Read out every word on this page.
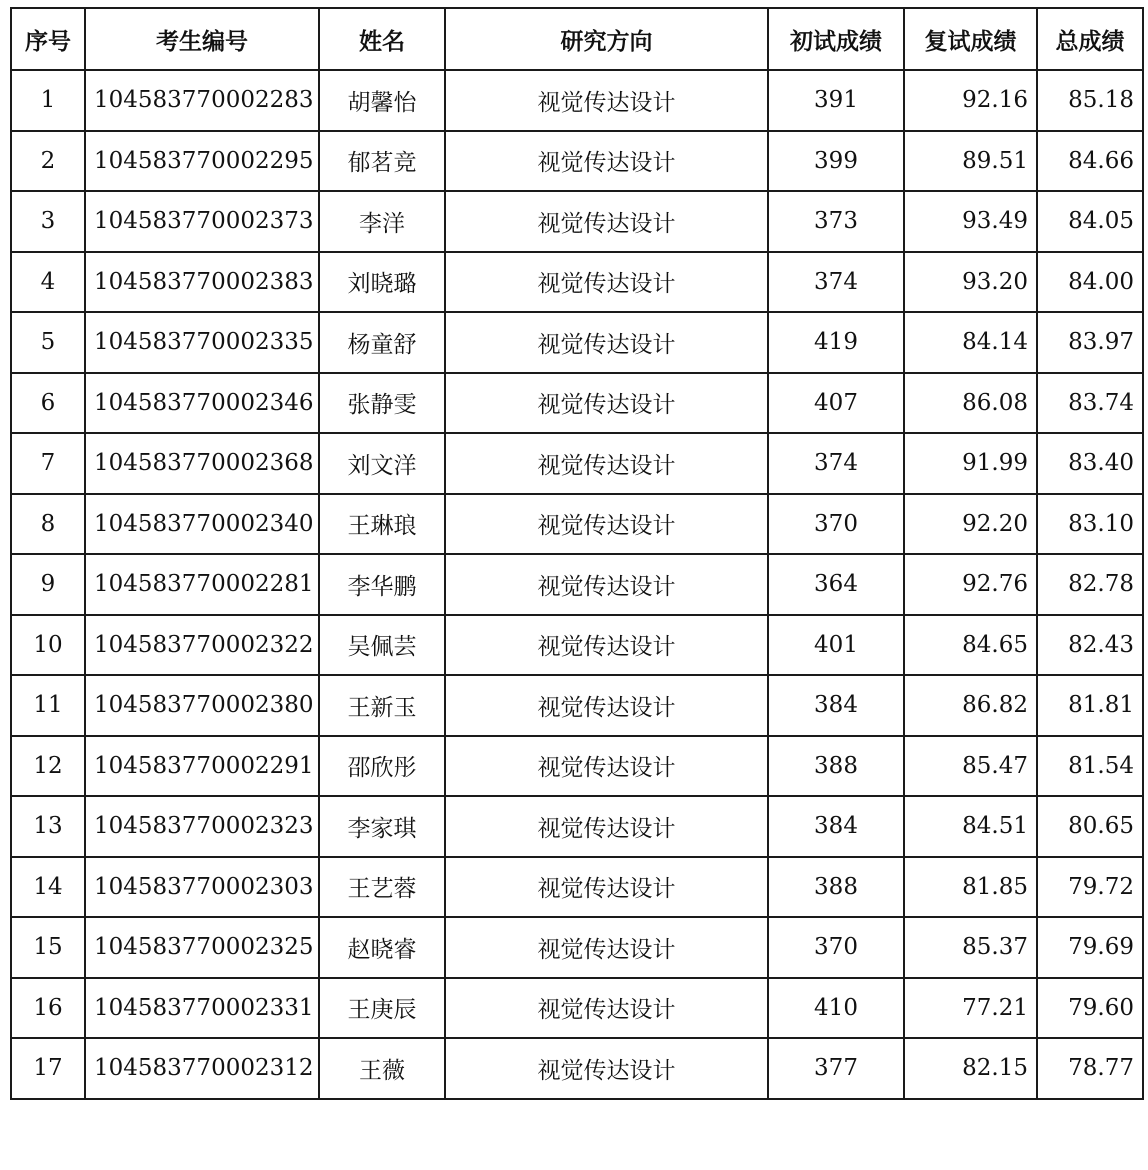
序号	考生编号	姓名	研究方向	初试成绩	复试成绩	总成绩
1	104583770002283	胡馨怡	视觉传达设计	391	92.16	85.18
2	104583770002295	郁茗竞	视觉传达设计	399	89.51	84.66
3	104583770002373	李洋	视觉传达设计	373	93.49	84.05
4	104583770002383	刘晓璐	视觉传达设计	374	93.20	84.00
5	104583770002335	杨童舒	视觉传达设计	419	84.14	83.97
6	104583770002346	张静雯	视觉传达设计	407	86.08	83.74
7	104583770002368	刘文洋	视觉传达设计	374	91.99	83.40
8	104583770002340	王琳琅	视觉传达设计	370	92.20	83.10
9	104583770002281	李华鹏	视觉传达设计	364	92.76	82.78
10	104583770002322	吴佩芸	视觉传达设计	401	84.65	82.43
11	104583770002380	王新玉	视觉传达设计	384	86.82	81.81
12	104583770002291	邵欣彤	视觉传达设计	388	85.47	81.54
13	104583770002323	李家琪	视觉传达设计	384	84.51	80.65
14	104583770002303	王艺蓉	视觉传达设计	388	81.85	79.72
15	104583770002325	赵晓睿	视觉传达设计	370	85.37	79.69
16	104583770002331	王庚辰	视觉传达设计	410	77.21	79.60
17	104583770002312	王薇	视觉传达设计	377	82.15	78.77
